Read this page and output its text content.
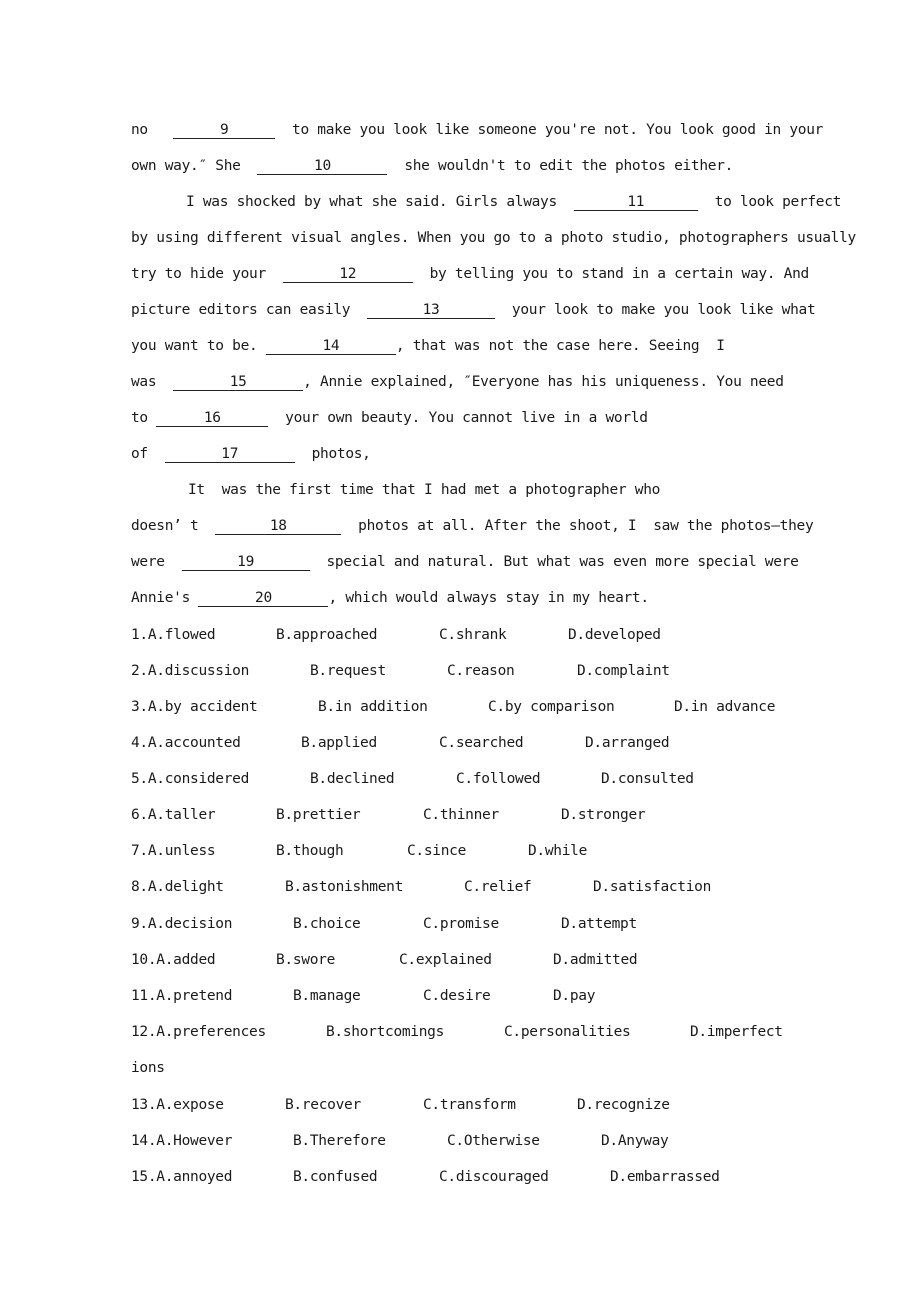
no	9	to make you look like someone you're not. You look good in your
own way.″ She	10	she wouldn't to edit the photos either.
I was shocked by what she said. Girls always	11	to look perfect
by using different visual angles. When you go to a photo studio, photographers usually
try to hide your	12	by telling you to stand in a certain way. And
picture editors can easily	13	your look to make you look like what
you want to be.	14	, that was not the case here. Seeing  I
was	15	, Annie explained, ″Everyone has his uniqueness. You need
to	16	your own beauty. You cannot live in a world
of	17	photos,
It  was the first time that I had met a photographer who
doesn’ t	18	photos at all. After the shoot, I  saw the photos—they
were	19	special and natural. But what was even more special were
Annie's	20	, which would always stay in my heart.
1.A.flowed	B.approached	C.shrank	D.developed
2.A.discussion	B.request	C.reason	D.complaint
3.A.by accident	B.in addition	C.by comparison	D.in advance
4.A.accounted	B.applied	C.searched	D.arranged
5.A.considered	B.declined	C.followed	D.consulted
6.A.taller	B.prettier	C.thinner	D.stronger
7.A.unless	B.though	C.since	D.while
8.A.delight	B.astonishment	C.relief	D.satisfaction
9.A.decision	B.choice	C.promise	D.attempt
10.A.added	B.swore	C.explained	D.admitted
11.A.pretend	B.manage	C.desire	D.pay
12.A.preferences	B.shortcomings	C.personalities	D.imperfect
ions
13.A.expose	B.recover	C.transform	D.recognize
14.A.However	B.Therefore	C.Otherwise	D.Anyway
15.A.annoyed	B.confused	C.discouraged	D.embarrassed
